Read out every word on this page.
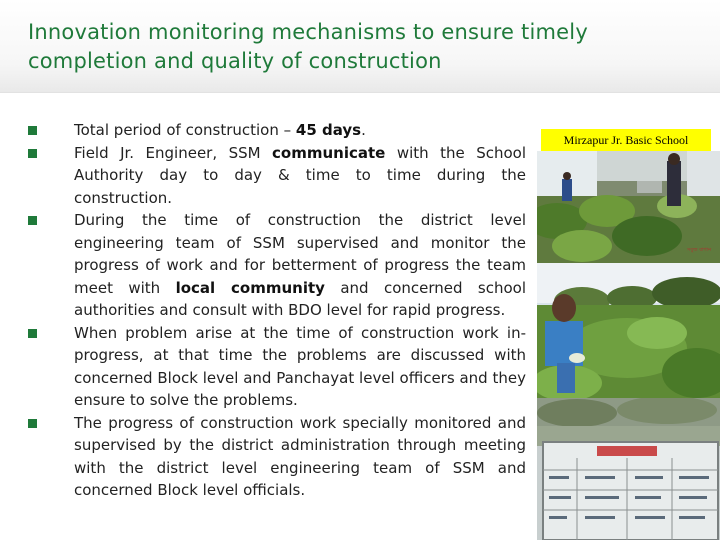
Innovation monitoring mechanisms to ensure timely completion and quality of construction
Total period of construction – 45 days.
Field Jr. Engineer, SSM communicate with the School Authority day to day & time to time during the construction.
During the time of construction the district level engineering team of SSM supervised and monitor the progress of work and for betterment of progress the team meet with local community and concerned school authorities and consult with BDO level for rapid progress.
When problem arise at the time of construction work in-progress, at that time the problems are discussed with concerned Block level and Panchayat level officers and they ensure to solve the problems.
The progress of construction work specially monitored and supervised by the district administration through meeting with the district level engineering team of SSM and concerned Block level officials.
Mirzapur Jr. Basic School
সবুজ বাগান
